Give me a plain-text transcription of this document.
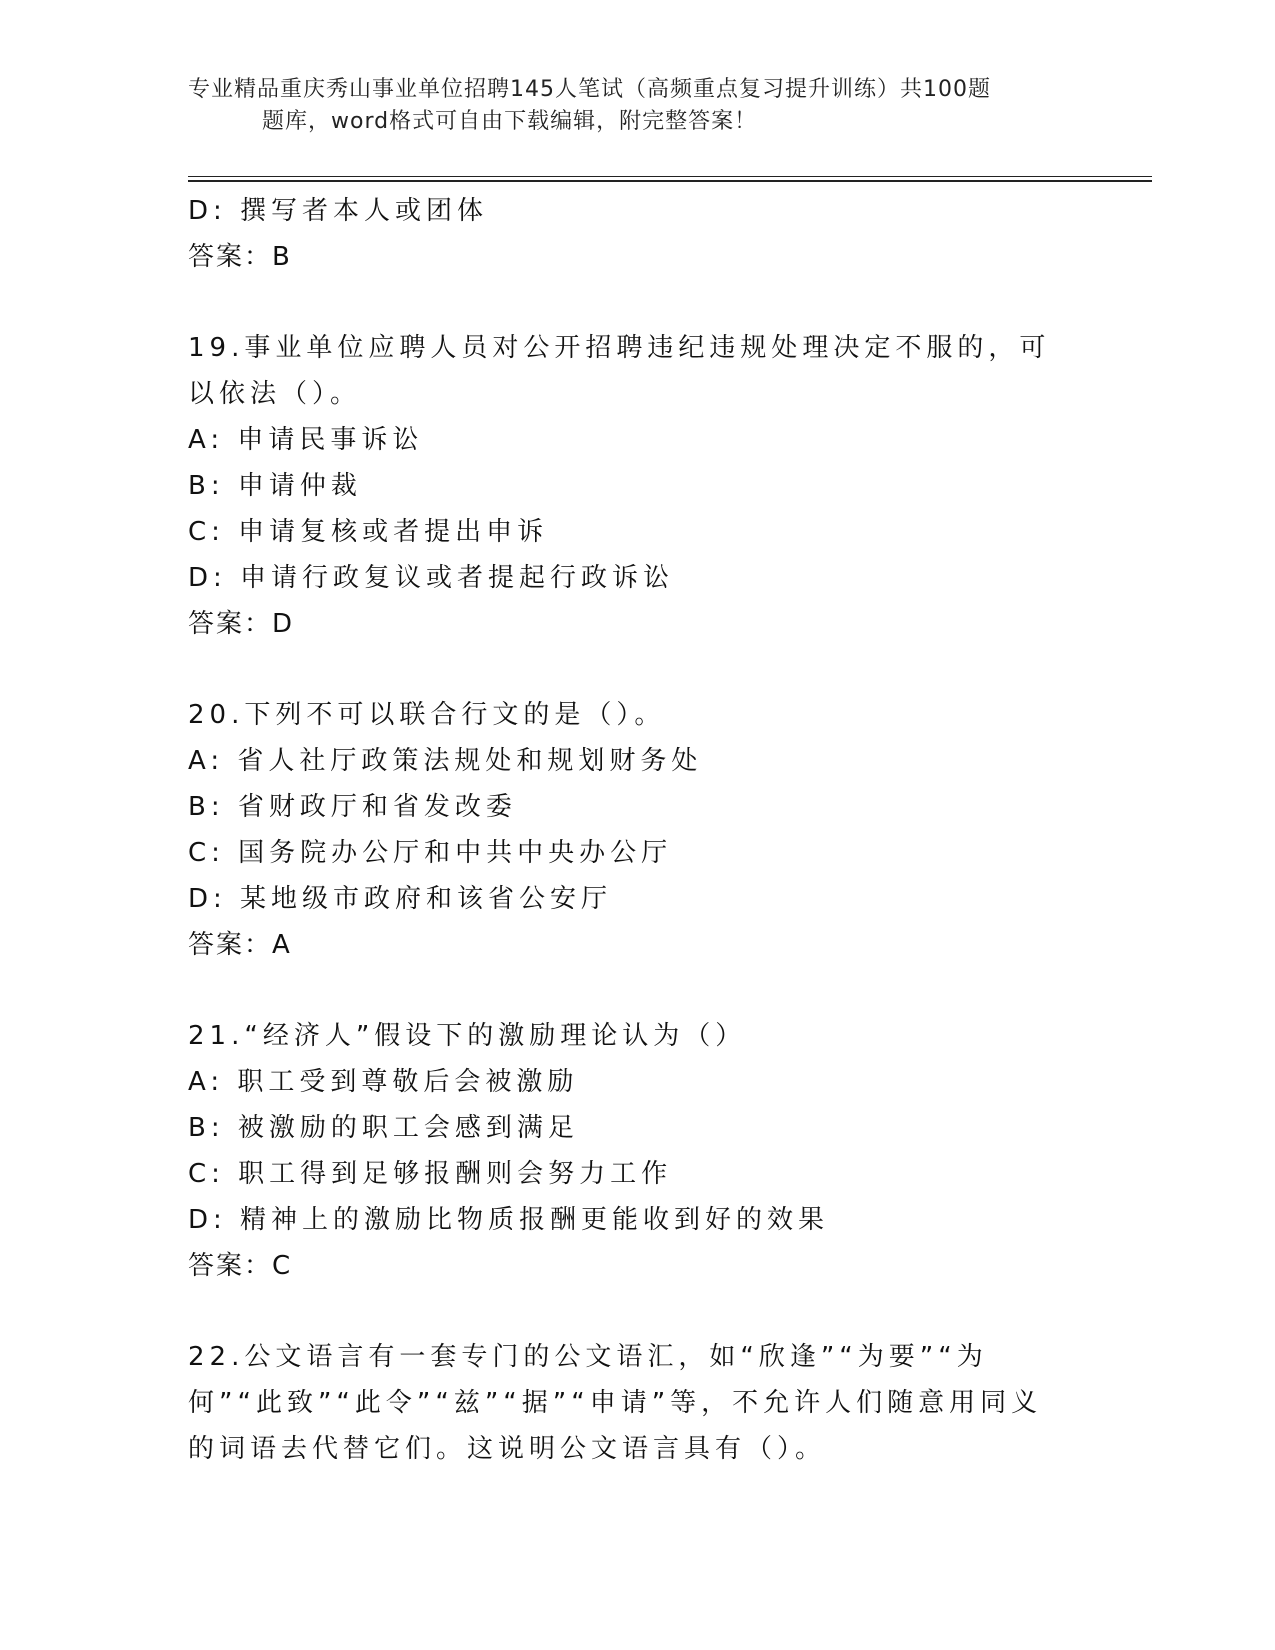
专业精品重庆秀山事业单位招聘145人笔试（高频重点复习提升训练）共100题
题库，word格式可自由下载编辑，附完整答案！
D: 撰写者本人或团体
答案：B
19.事业单位应聘人员对公开招聘违纪违规处理决定不服的，可以依法（）。
A: 申请民事诉讼
B: 申请仲裁
C: 申请复核或者提出申诉
D: 申请行政复议或者提起行政诉讼
答案：D
20.下列不可以联合行文的是（）。
A: 省人社厅政策法规处和规划财务处
B: 省财政厅和省发改委
C: 国务院办公厅和中共中央办公厅
D: 某地级市政府和该省公安厅
答案：A
21.“经济人”假设下的激励理论认为（）
A: 职工受到尊敬后会被激励
B: 被激励的职工会感到满足
C: 职工得到足够报酬则会努力工作
D: 精神上的激励比物质报酬更能收到好的效果
答案：C
22.公文语言有一套专门的公文语汇，如“欣逢”“为要”“为何”“此致”“此令”“兹”“据”“申请”等，不允许人们随意用同义的词语去代替它们。这说明公文语言具有（）。
